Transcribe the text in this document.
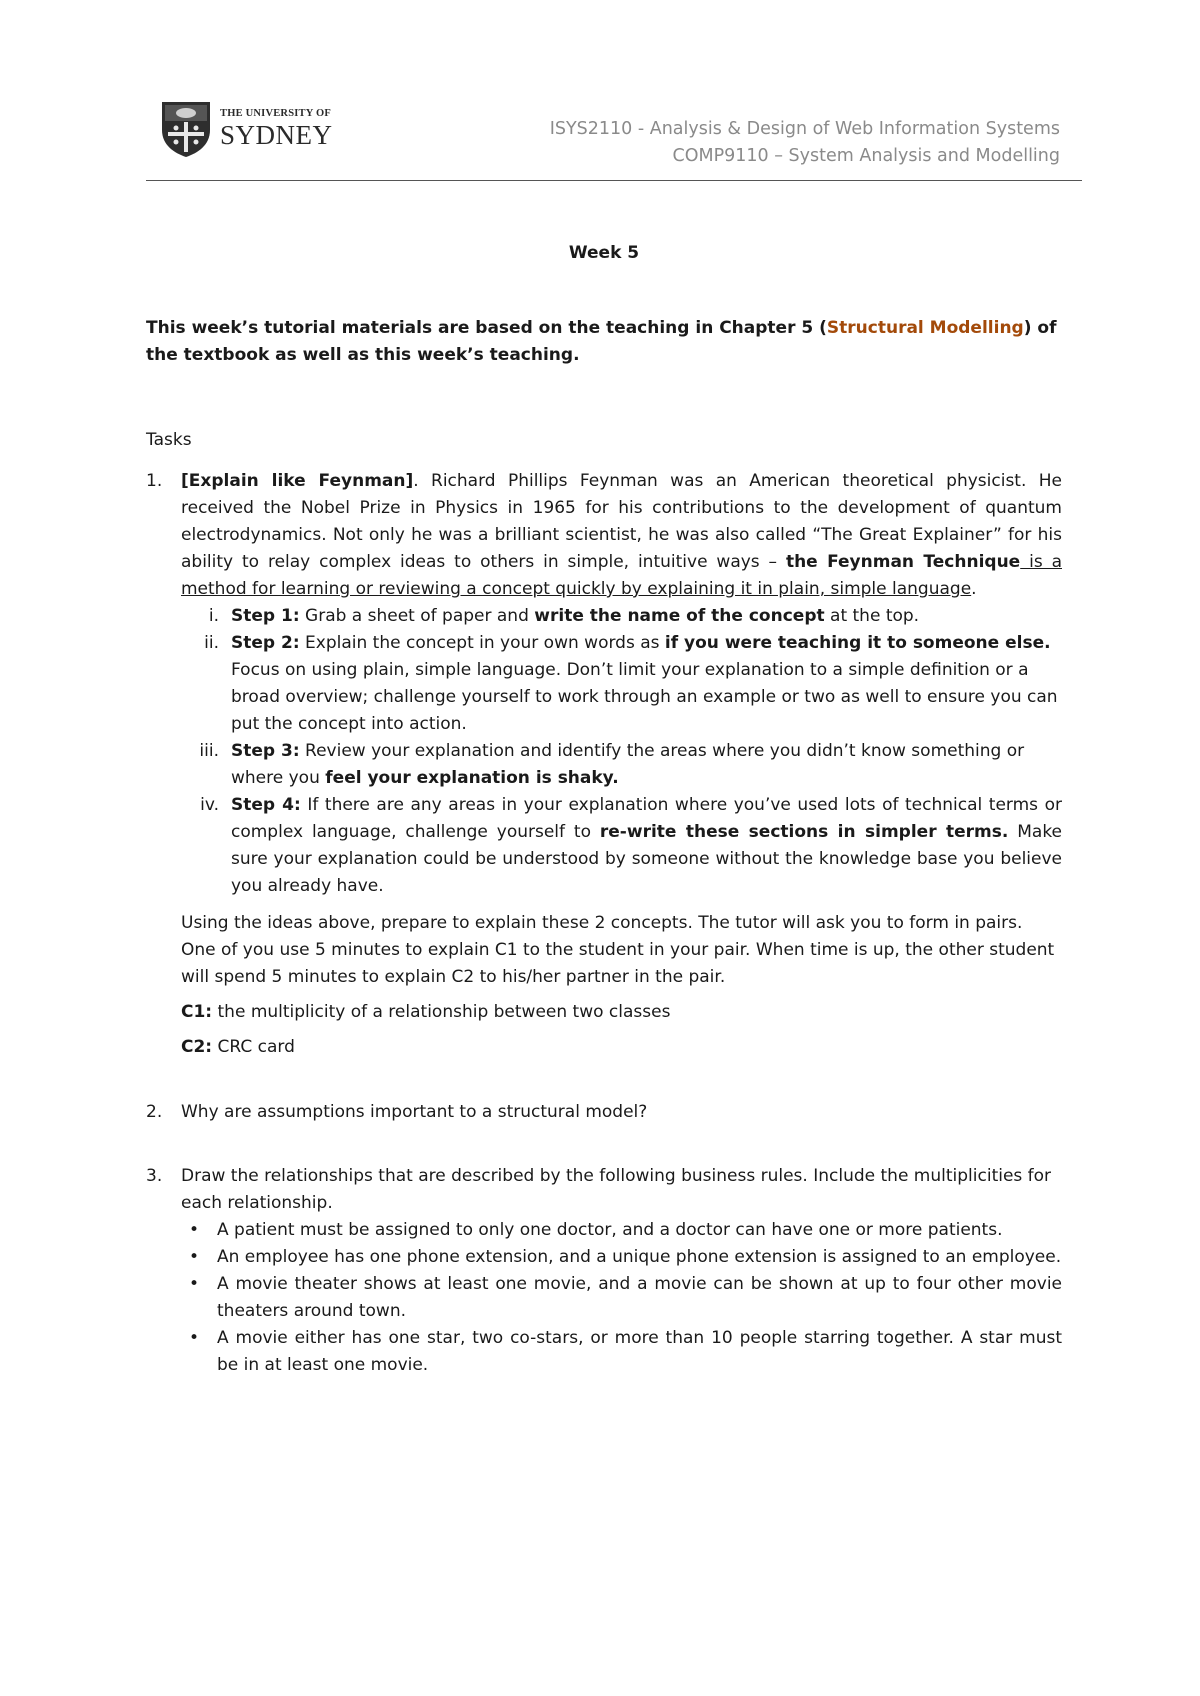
THE UNIVERSITY OF
SYDNEY	ISYS2110 - Analysis & Design of Web Information Systems
COMP9110 – System Analysis and Modelling
Week 5
This week’s tutorial materials are based on the teaching in Chapter 5 (Structural Modelling) of the textbook as well as this week’s teaching.
Tasks
1. [Explain like Feynman]. Richard Phillips Feynman was an American theoretical physicist. He received the Nobel Prize in Physics in 1965 for his contributions to the development of quantum electrodynamics. Not only he was a brilliant scientist, he was also called “The Great Explainer” for his ability to relay complex ideas to others in simple, intuitive ways – the Feynman Technique is a method for learning or reviewing a concept quickly by explaining it in plain, simple language.
i. Step 1: Grab a sheet of paper and write the name of the concept at the top.
ii. Step 2: Explain the concept in your own words as if you were teaching it to someone else. Focus on using plain, simple language. Don’t limit your explanation to a simple definition or a broad overview; challenge yourself to work through an example or two as well to ensure you can put the concept into action.
iii. Step 3: Review your explanation and identify the areas where you didn’t know something or where you feel your explanation is shaky.
iv. Step 4: If there are any areas in your explanation where you’ve used lots of technical terms or complex language, challenge yourself to re-write these sections in simpler terms. Make sure your explanation could be understood by someone without the knowledge base you believe you already have.
Using the ideas above, prepare to explain these 2 concepts. The tutor will ask you to form in pairs. One of you use 5 minutes to explain C1 to the student in your pair. When time is up, the other student will spend 5 minutes to explain C2 to his/her partner in the pair.
C1: the multiplicity of a relationship between two classes
C2: CRC card
2. Why are assumptions important to a structural model?
3. Draw the relationships that are described by the following business rules. Include the multiplicities for each relationship.
• A patient must be assigned to only one doctor, and a doctor can have one or more patients.
• An employee has one phone extension, and a unique phone extension is assigned to an employee.
• A movie theater shows at least one movie, and a movie can be shown at up to four other movie theaters around town.
• A movie either has one star, two co-stars, or more than 10 people starring together. A star must be in at least one movie.
